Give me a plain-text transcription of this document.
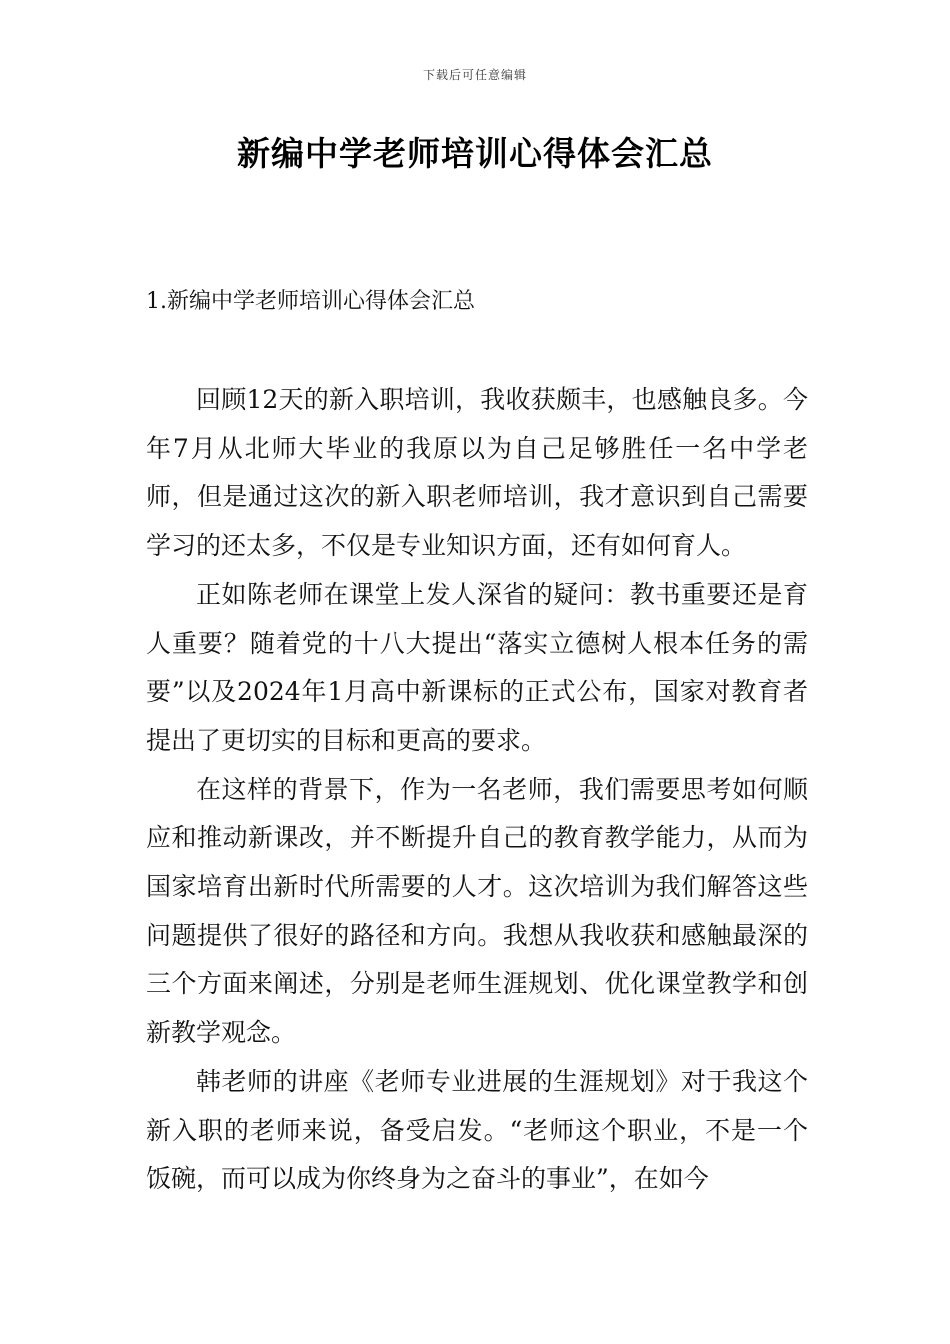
下载后可任意编辑
新编中学老师培训心得体会汇总
1.新编中学老师培训心得体会汇总

回顾12天的新入职培训，我收获颇丰，也感触良多。今年7月从北师大毕业的我原以为自己足够胜任一名中学老师，但是通过这次的新入职老师培训，我才意识到自己需要学习的还太多，不仅是专业知识方面，还有如何育人。

正如陈老师在课堂上发人深省的疑问：教书重要还是育人重要？随着党的十八大提出“落实立德树人根本任务的需要”以及2024年1月高中新课标的正式公布，国家对教育者提出了更切实的目标和更高的要求。

在这样的背景下，作为一名老师，我们需要思考如何顺应和推动新课改，并不断提升自己的教育教学能力，从而为国家培育出新时代所需要的人才。这次培训为我们解答这些问题提供了很好的路径和方向。我想从我收获和感触最深的三个方面来阐述，分别是老师生涯规划、优化课堂教学和创新教学观念。

韩老师的讲座《老师专业进展的生涯规划》对于我这个新入职的老师来说，备受启发。“老师这个职业，不是一个饭碗，而可以成为你终身为之奋斗的事业”，在如今
